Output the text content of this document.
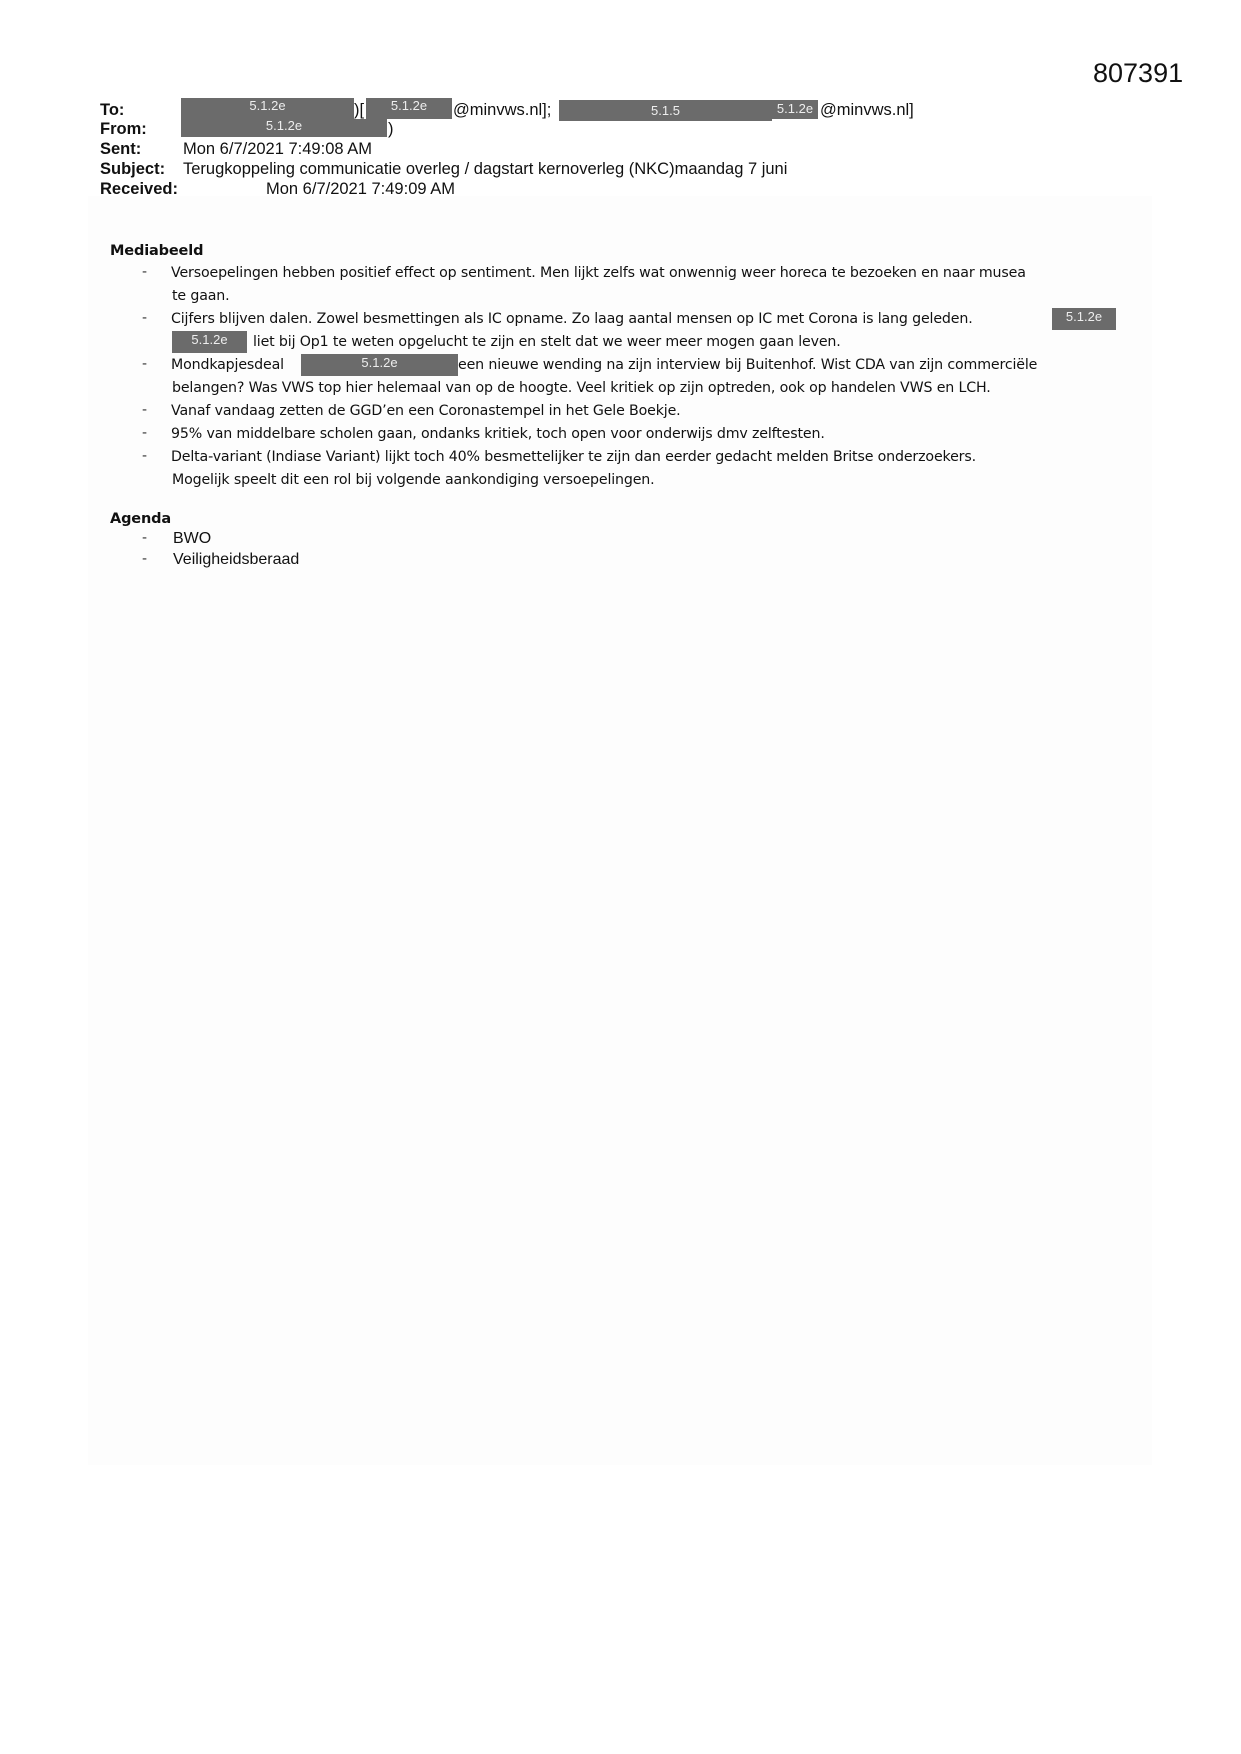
807391
To:	5.1.2e	)[	5.1.2e	@minvws.nl];	5.1.5	5.1.2e @minvws.nl]
From:	5.1.2e	)
Sent:	Mon 6/7/2021 7:49:08 AM
Subject: Terugkoppeling communicatie overleg / dagstart kernoverleg (NKC)maandag 7 juni
Received:	Mon 6/7/2021 7:49:09 AM
Mediabeeld
- Versoepelingen hebben positief effect op sentiment. Men lijkt zelfs wat onwennig weer horeca te bezoeken en naar musea
te gaan.
- Cijfers blijven dalen. Zowel besmettingen als IC opname. Zo laag aantal mensen op IC met Corona is lang geleden.	5.1.2e
5.1.2e	liet bij Op1 te weten opgelucht te zijn en stelt dat we weer meer mogen gaan leven.
- Mondkapjesdeal	5.1.2e	een nieuwe wending na zijn interview bij Buitenhof. Wist CDA van zijn commerciële
belangen? Was VWS top hier helemaal van op de hoogte. Veel kritiek op zijn optreden, ook op handelen VWS en LCH.
- Vanaf vandaag zetten de GGD’en een Coronastempel in het Gele Boekje.
- 95% van middelbare scholen gaan, ondanks kritiek, toch open voor onderwijs dmv zelftesten.
- Delta-variant (Indiase Variant) lijkt toch 40% besmettelijker te zijn dan eerder gedacht melden Britse onderzoekers.
Mogelijk speelt dit een rol bij volgende aankondiging versoepelingen.
Agenda
- BWO
- Veiligheidsberaad
